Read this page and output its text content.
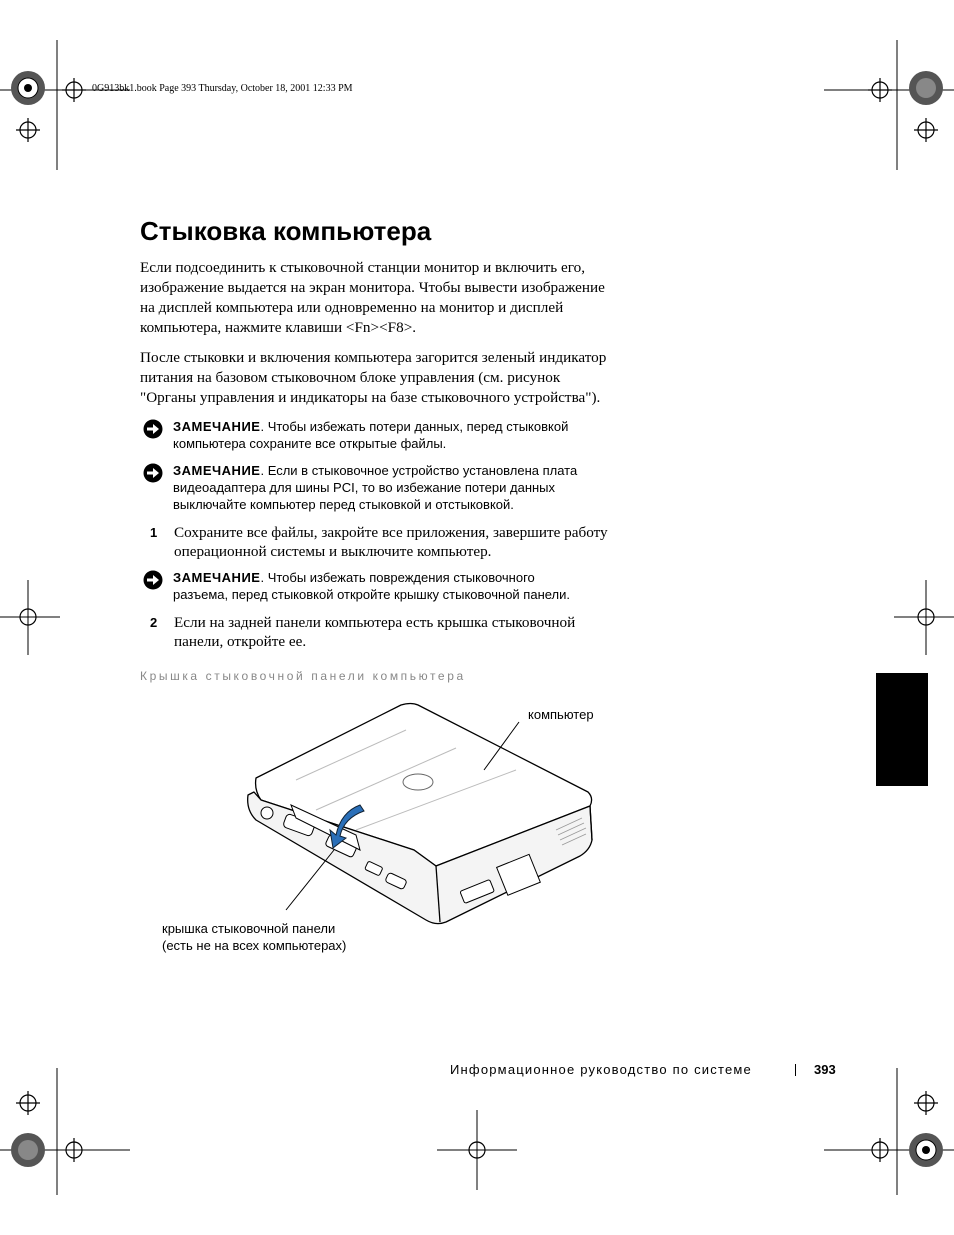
0G913bk1.book Page 393 Thursday, October 18, 2001 12:33 PM
Стыковка компьютера
Если подсоединить к стыковочной станции монитор и включить его,
изображение выдается на экран монитора. Чтобы вывести изображение
на дисплей компьютера или одновременно на монитор и дисплей
компьютера, нажмите клавиши <Fn><F8>.
После стыковки и включения компьютера загорится зеленый индикатор
питания на базовом стыковочном блоке управления (см. рисунок
"Органы управления и индикаторы на базе стыковочного устройства").
ЗАМЕЧАНИЕ. Чтобы избежать потери данных, перед стыковкой
компьютера сохраните все открытые файлы.
ЗАМЕЧАНИЕ. Если в стыковочное устройство установлена плата
видеоадаптера для шины PCI, то во избежание потери данных
выключайте компьютер перед стыковкой и отстыковкой.
1 Сохраните все файлы, закройте все приложения, завершите работу
операционной системы и выключите компьютер.
ЗАМЕЧАНИЕ. Чтобы избежать повреждения стыковочного
разъема, перед стыковкой откройте крышку стыковочной панели.
2 Если на задней панели компьютера есть крышка стыковочной
панели, откройте ее.
Крышка стыковочной панели компьютера
компьютер
крышка стыковочной панели
(есть не на всех компьютерах)
Информационное руководство по системе	393
